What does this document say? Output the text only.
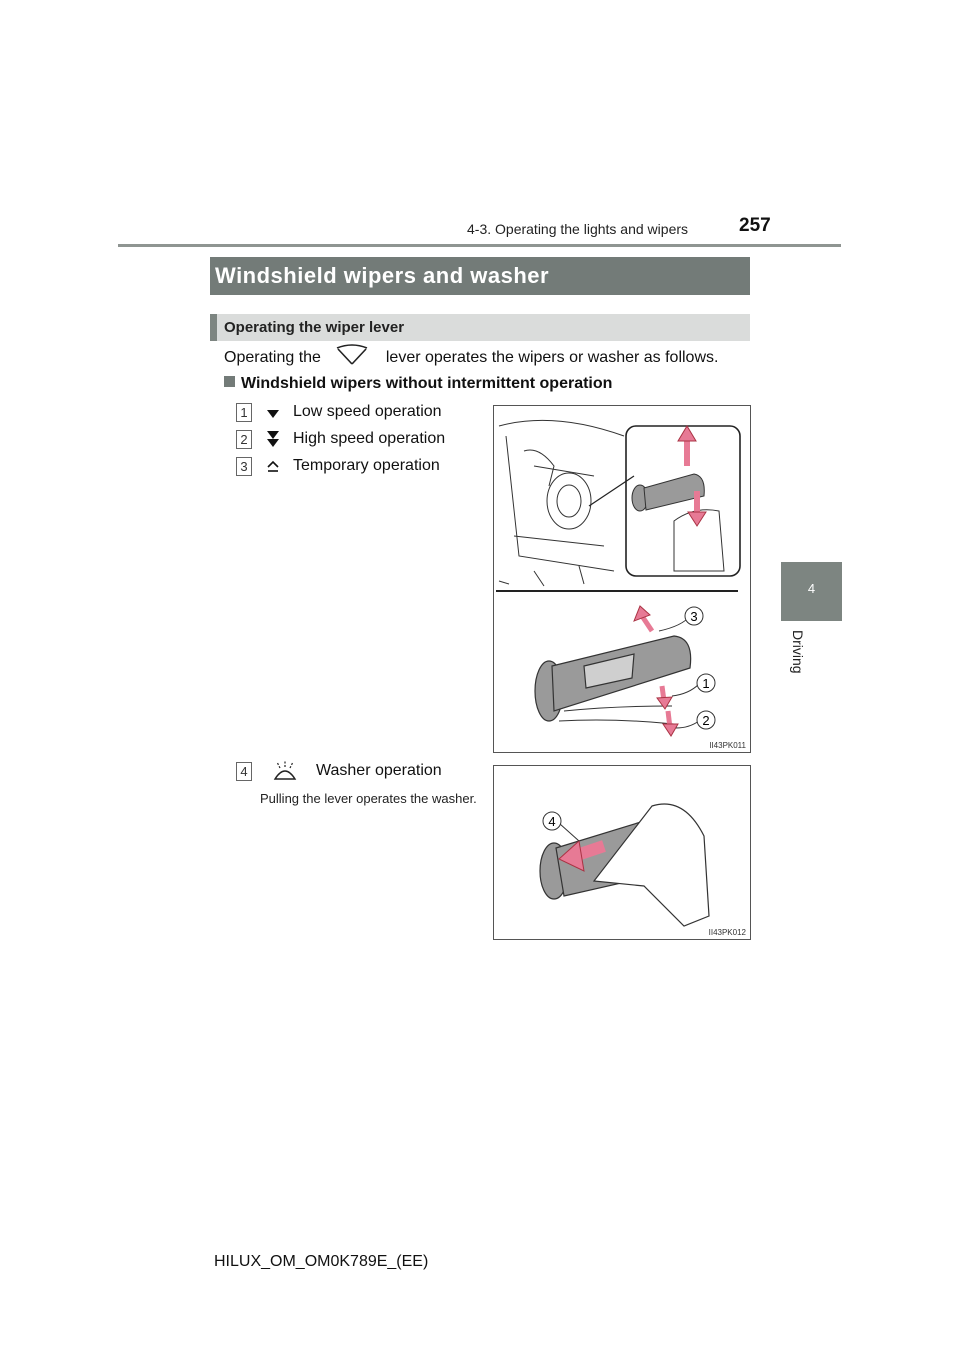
4-3. Operating the lights and wipers	257
4
Driving
Windshield wipers and washer
Operating the wiper lever
Operating the	lever operates the wipers or washer as follows.
Windshield wipers without intermittent operation
1	Low speed operation
2	High speed operation
3	Temporary operation
4	Washer operation
Pulling the lever operates the washer.
3
1
2
II43PK011
4
II43PK012
HILUX_OM_OM0K789E_(EE)
